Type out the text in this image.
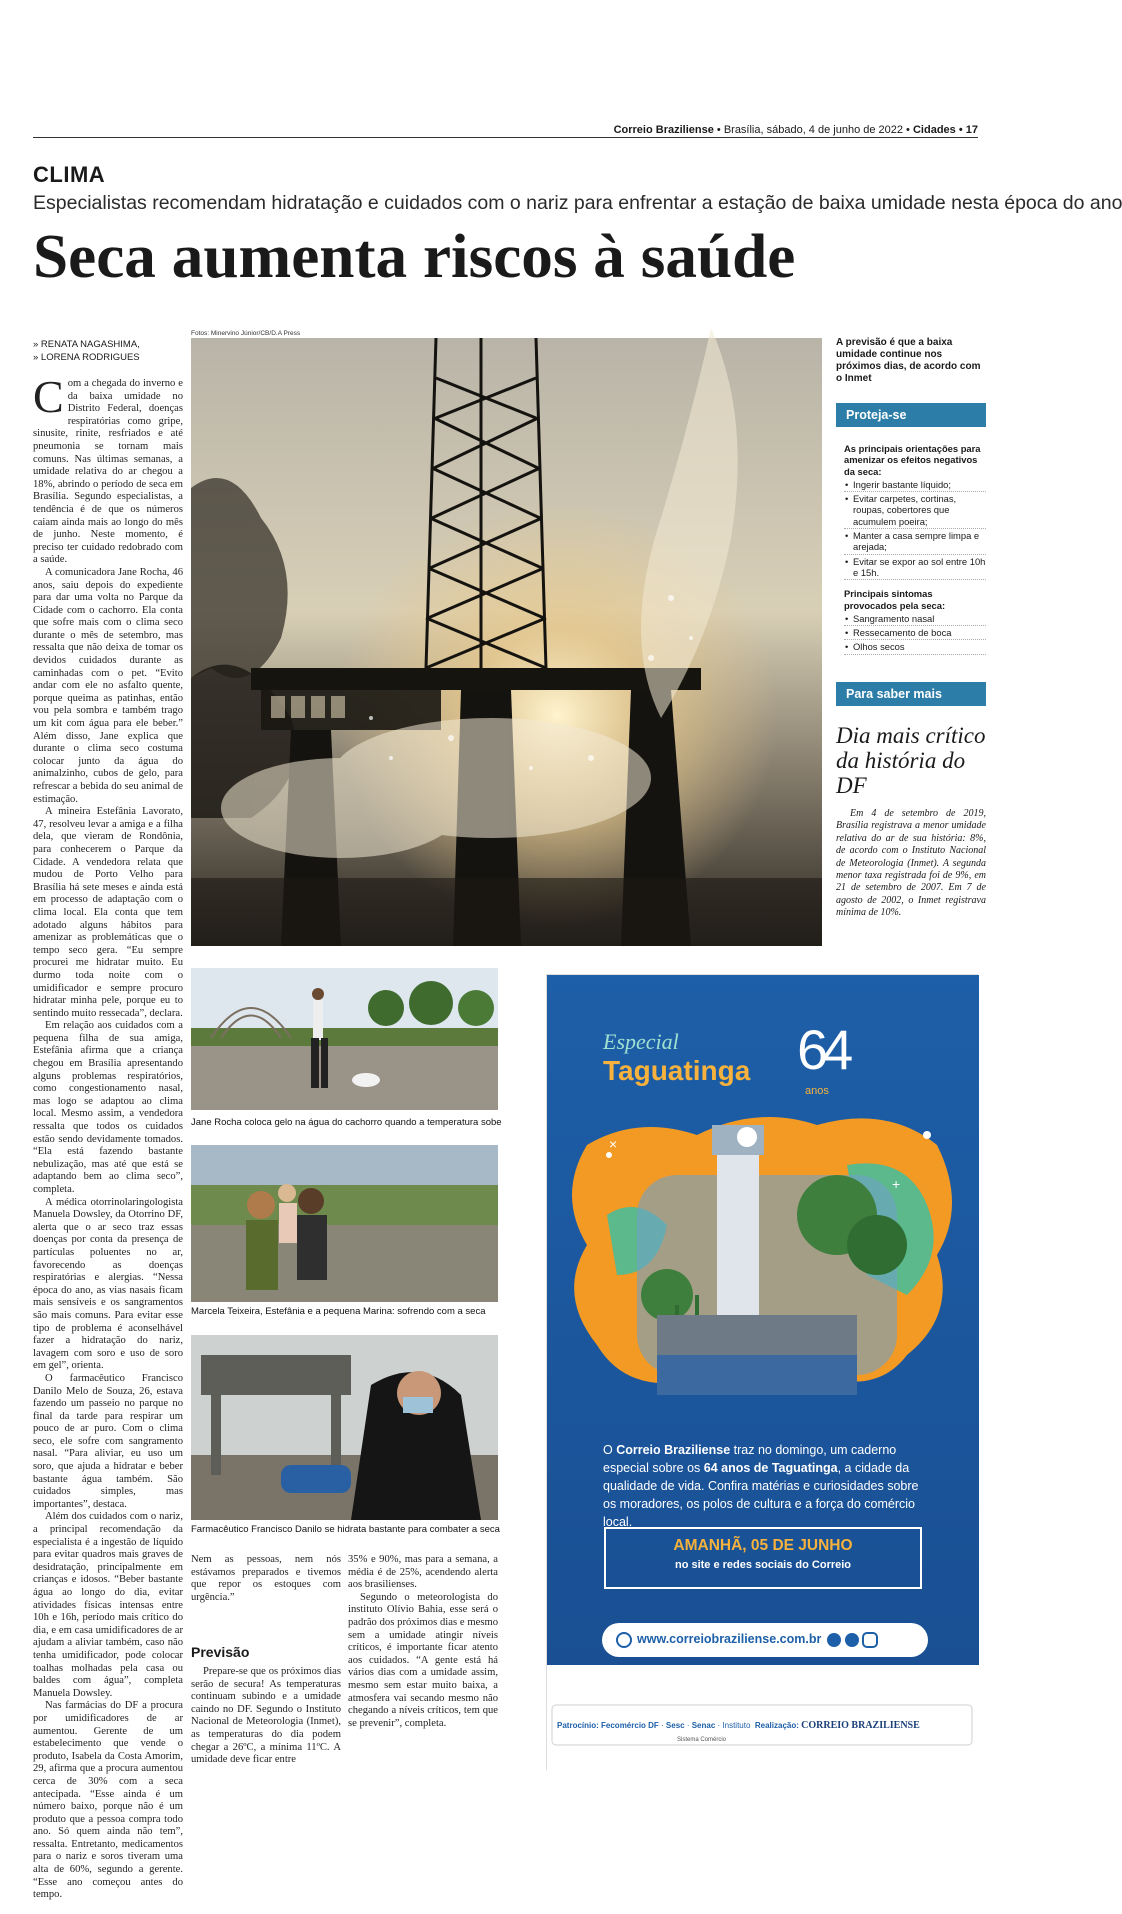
Correio Braziliense • Brasília, sábado, 4 de junho de 2022 • Cidades • 17
CLIMA
Especialistas recomendam hidratação e cuidados com o nariz para enfrentar a estação de baixa umidade nesta época do ano
Seca aumenta riscos à saúde
» RENATA NAGASHIMA,
» LORENA RODRIGUES
Fotos: Minervino Júnior/CB/D.A Press
A previsão é que a baixa umidade continue nos próximos dias, de acordo com o Inmet
Proteja-se
As principais orientações para amenizar os efeitos negativos da seca:
• Ingerir bastante líquido;
• Evitar carpetes, cortinas, roupas, cobertores que acumulem poeira;
• Manter a casa sempre limpa e arejada;
• Evitar se expor ao sol entre 10h e 15h.
Principais sintomas provocados pela seca:
• Sangramento nasal
• Ressecamento de boca
• Olhos secos
Para saber mais
Dia mais crítico da história do DF

Em 4 de setembro de 2019, Brasília registrava a menor umidade relativa do ar de sua história: 8%, de acordo com o Instituto Nacional de Meteorologia (Inmet). A segunda menor taxa registrada foi de 9%, em 21 de setembro de 2007. Em 7 de agosto de 2002, o Inmet registrava mínima de 10%.

Com a chegada do inverno e da baixa umidade no Distrito Federal, doenças respiratórias como gripe, sinusite, rinite, resfriados e até pneumonia se tornam mais comuns. Nas últimas semanas, a umidade relativa do ar chegou a 18%, abrindo o período de seca em Brasília. Segundo especialistas, a tendência é de que os números caiam ainda mais ao longo do mês de junho. Neste momento, é preciso ter cuidado redobrado com a saúde.

A comunicadora Jane Rocha, 46 anos, saiu depois do expediente para dar uma volta no Parque da Cidade com o cachorro. Ela conta que sofre mais com o clima seco durante o mês de setembro, mas ressalta que não deixa de tomar os devidos cuidados durante as caminhadas com o pet. “Evito andar com ele no asfalto quente, porque queima as patinhas, então vou pela sombra e também trago um kit com água para ele beber.” Além disso, Jane explica que durante o clima seco costuma colocar junto da água do animalzinho, cubos de gelo, para refrescar a bebida do seu animal de estimação.

A mineira Estefânia Lavorato, 47, resolveu levar a amiga e a filha dela, que vieram de Rondônia, para conhecerem o Parque da Cidade. A vendedora relata que mudou de Porto Velho para Brasília há sete meses e ainda está em processo de adaptação com o clima local. Ela conta que tem adotado alguns hábitos para amenizar as problemáticas que o tempo seco gera. “Eu sempre procurei me hidratar muito. Eu durmo toda noite com o umidificador e sempre procuro hidratar minha pele, porque eu to sentindo muito ressecada”, declara.

Em relação aos cuidados com a pequena filha de sua amiga, Estefânia afirma que a criança chegou em Brasília apresentando alguns problemas respiratórios, como congestionamento nasal, mas logo se adaptou ao clima local. Mesmo assim, a vendedora ressalta que todos os cuidados estão sendo devidamente tomados. “Ela está fazendo bastante nebulização, mas até que está se adaptando bem ao clima seco”, completa.

A médica otorrinolaringologista Manuela Dowsley, da Otorrino DF, alerta que o ar seco traz essas doenças por conta da presença de partículas poluentes no ar, favorecendo as doenças respiratórias e alergias. “Nessa época do ano, as vias nasais ficam mais sensíveis e os sangramentos são mais comuns. Para evitar esse tipo de problema é aconselhável fazer a hidratação do nariz, lavagem com soro e uso de soro em gel”, orienta.

O farmacêutico Francisco Danilo Melo de Souza, 26, estava fazendo um passeio no parque no final da tarde para respirar um pouco de ar puro. Com o clima seco, ele sofre com sangramento nasal. “Para aliviar, eu uso um soro, que ajuda a hidratar e beber bastante água também. São cuidados simples, mas importantes”, destaca.

Além dos cuidados com o nariz, a principal recomendação da especialista é a ingestão de líquido para evitar quadros mais graves de desidratação, principalmente em crianças e idosos. “Beber bastante água ao longo do dia, evitar atividades físicas intensas entre 10h e 16h, período mais crítico do dia, e em casa umidificadores de ar ajudam a aliviar também, caso não tenha umidificador, pode colocar toalhas molhadas pela casa ou baldes com água”, completa Manuela Dowsley.

Nas farmácias do DF a procura por umidificadores de ar aumentou. Gerente de um estabelecimento que vende o produto, Isabela da Costa Amorim, 29, afirma que a procura aumentou cerca de 30% com a seca antecipada. “Esse ainda é um número baixo, porque não é um produto que a pessoa compra todo ano. Só quem ainda não tem”, ressalta. Entretanto, medicamentos para o nariz e soros tiveram uma alta de 60%, segundo a gerente. “Esse ano começou antes do tempo.

Jane Rocha coloca gelo na água do cachorro quando a temperatura sobe
Marcela Teixeira, Estefânia e a pequena Marina: sofrendo com a seca
Farmacêutico Francisco Danilo se hidrata bastante para combater a seca

Nem as pessoas, nem nós estávamos preparados e tivemos que repor os estoques com urgência.”

Previsão

Prepare-se que os próximos dias serão de secura! As temperaturas continuam subindo e a umidade caindo no DF. Segundo o Instituto Nacional de Meteorologia (Inmet), as temperaturas do dia podem chegar a 26ºC, a mínima 11ºC. A umidade deve ficar entre

35% e 90%, mas para a semana, a média é de 25%, acendendo alerta aos brasilienses.

Segundo o meteorologista do instituto Olívio Bahia, esse será o padrão dos próximos dias e mesmo sem a umidade atingir níveis críticos, é importante ficar atento aos cuidados. “A gente está há vários dias com a umidade assim, mesmo sem estar muito baixa, a atmosfera vai secando mesmo não chegando a níveis críticos, tem que se prevenir”, completa.

+
×
Especial
Taguatinga 64
anos
O Correio Braziliense traz no domingo, um caderno especial sobre os 64 anos de Taguatinga, a cidade da qualidade de vida. Confira matérias e curiosidades sobre os moradores, os polos de cultura e a força do comércio local.
AMANHÃ, 05 DE JUNHO
no site e redes sociais do Correio
www.correiobraziliense.com.br
Patrocínio: Fecomércio DF · Sesc · Senac · Instituto Realização: CORREIO BRAZILIENSE
Sistema Comércio
